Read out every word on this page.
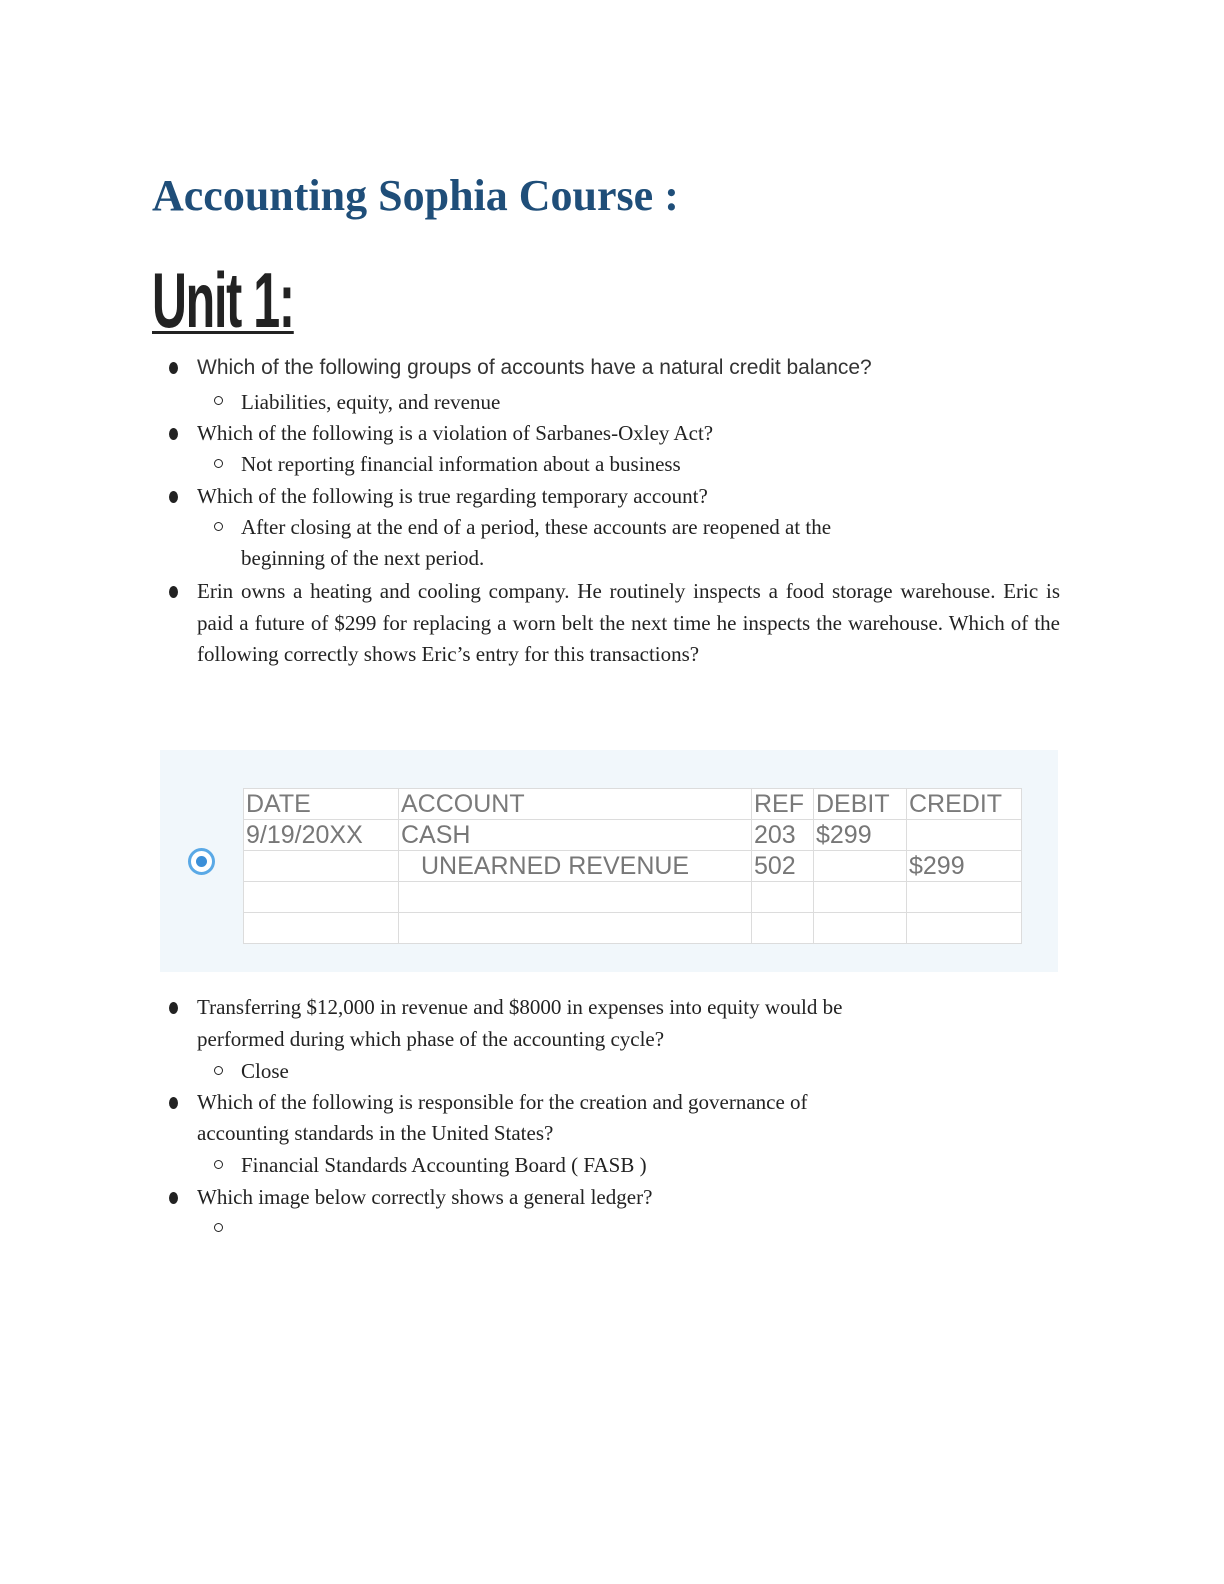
Accounting Sophia Course :
Unit 1:
Which of the following groups of accounts have a natural credit balance?
Liabilities, equity, and revenue
Which of the following is a violation of Sarbanes-Oxley Act?
Not reporting financial information about a business
Which of the following is true regarding temporary account?
After closing at the end of a period, these accounts are reopened at the
beginning of the next period.
Erin owns a heating and cooling company. He routinely inspects a food storage warehouse. Eric is paid a future of $299 for replacing a worn belt the next time he inspects the warehouse. Which of the following correctly shows Eric’s entry for this transactions?
DATE	ACCOUNT	REF	DEBIT	CREDIT
9/19/20XX	CASH	203	$299	
	UNEARNED REVENUE	502		$299

Transferring $12,000 in revenue and $8000 in expenses into equity would be
performed during which phase of the accounting cycle?
Close
Which of the following is responsible for the creation and governance of
accounting standards in the United States?
Financial Standards Accounting Board ( FASB )
Which image below correctly shows a general ledger?
